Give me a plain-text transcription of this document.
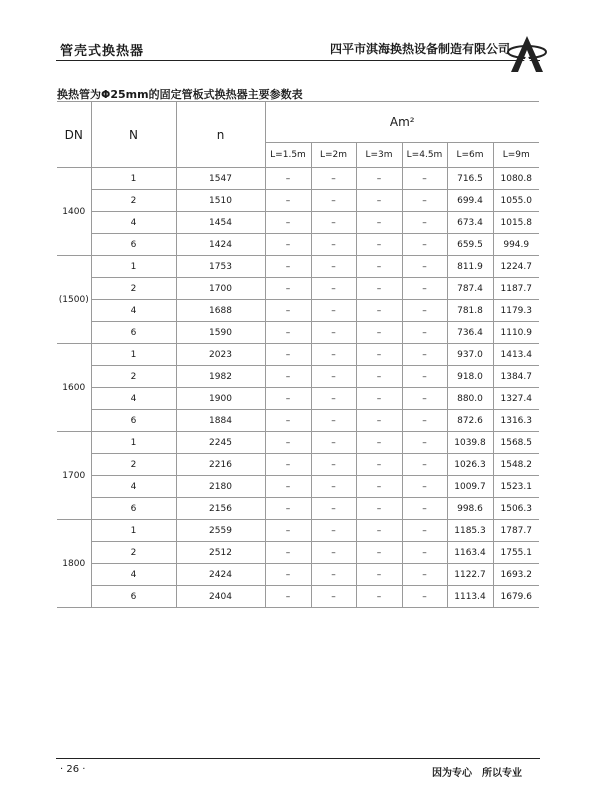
管壳式换热器	四平市淇海换热设备制造有限公司
换热管为Φ25mm的固定管板式换热器主要参数表
DN	N	n	Am²					
			L=1.5m	L=2m	L=3m	L=4.5m	L=6m	L=9m
1400	1	1547	–	–	–	–	716.5	1080.8
	2	1510	–	–	–	–	699.4	1055.0
	4	1454	–	–	–	–	673.4	1015.8
	6	1424	–	–	–	–	659.5	994.9
(1500)	1	1753	–	–	–	–	811.9	1224.7
	2	1700	–	–	–	–	787.4	1187.7
	4	1688	–	–	–	–	781.8	1179.3
	6	1590	–	–	–	–	736.4	1110.9
1600	1	2023	–	–	–	–	937.0	1413.4
	2	1982	–	–	–	–	918.0	1384.7
	4	1900	–	–	–	–	880.0	1327.4
	6	1884	–	–	–	–	872.6	1316.3
1700	1	2245	–	–	–	–	1039.8	1568.5
	2	2216	–	–	–	–	1026.3	1548.2
	4	2180	–	–	–	–	1009.7	1523.1
	6	2156	–	–	–	–	998.6	1506.3
1800	1	2559	–	–	–	–	1185.3	1787.7
	2	2512	–	–	–	–	1163.4	1755.1
	4	2424	–	–	–	–	1122.7	1693.2
	6	2404	–	–	–	–	1113.4	1679.6
· 26 ·	因为专心　所以专业
